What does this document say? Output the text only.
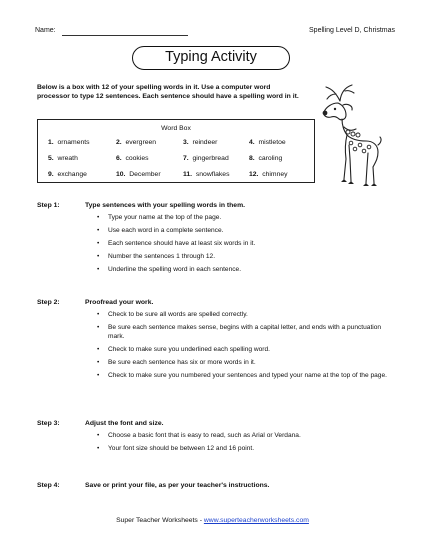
Name:	Spelling Level D, Christmas
Typing Activity
Below is a box with 12 of your spelling words in it. Use a computer word processor to type 12 sentences. Each sentence should have a spelling word in it.
Word Box
1. ornaments	2. evergreen	3. reindeer	4. mistletoe
5. wreath	6. cookies	7. gingerbread	8. caroling
9. exchange	10. December	11. snowflakes	12. chimney
Step 1:	Type sentences with your spelling words in them.
• Type your name at the top of the page.
• Use each word in a complete sentence.
• Each sentence should have at least six words in it.
• Number the sentences 1 through 12.
• Underline the spelling word in each sentence.
Step 2:	Proofread your work.
• Check to be sure all words are spelled correctly.
• Be sure each sentence makes sense, begins with a capital letter, and ends with a punctuation mark.
• Check to make sure you underlined each spelling word.
• Be sure each sentence has six or more words in it.
• Check to make sure you numbered your sentences and typed your name at the top of the page.
Step 3:	Adjust the font and size.
• Choose a basic font that is easy to read, such as Arial or Verdana.
• Your font size should be between 12 and 16 point.
Step 4:	Save or print your file, as per your teacher's instructions.
Super Teacher Worksheets - www.superteacherworksheets.com
